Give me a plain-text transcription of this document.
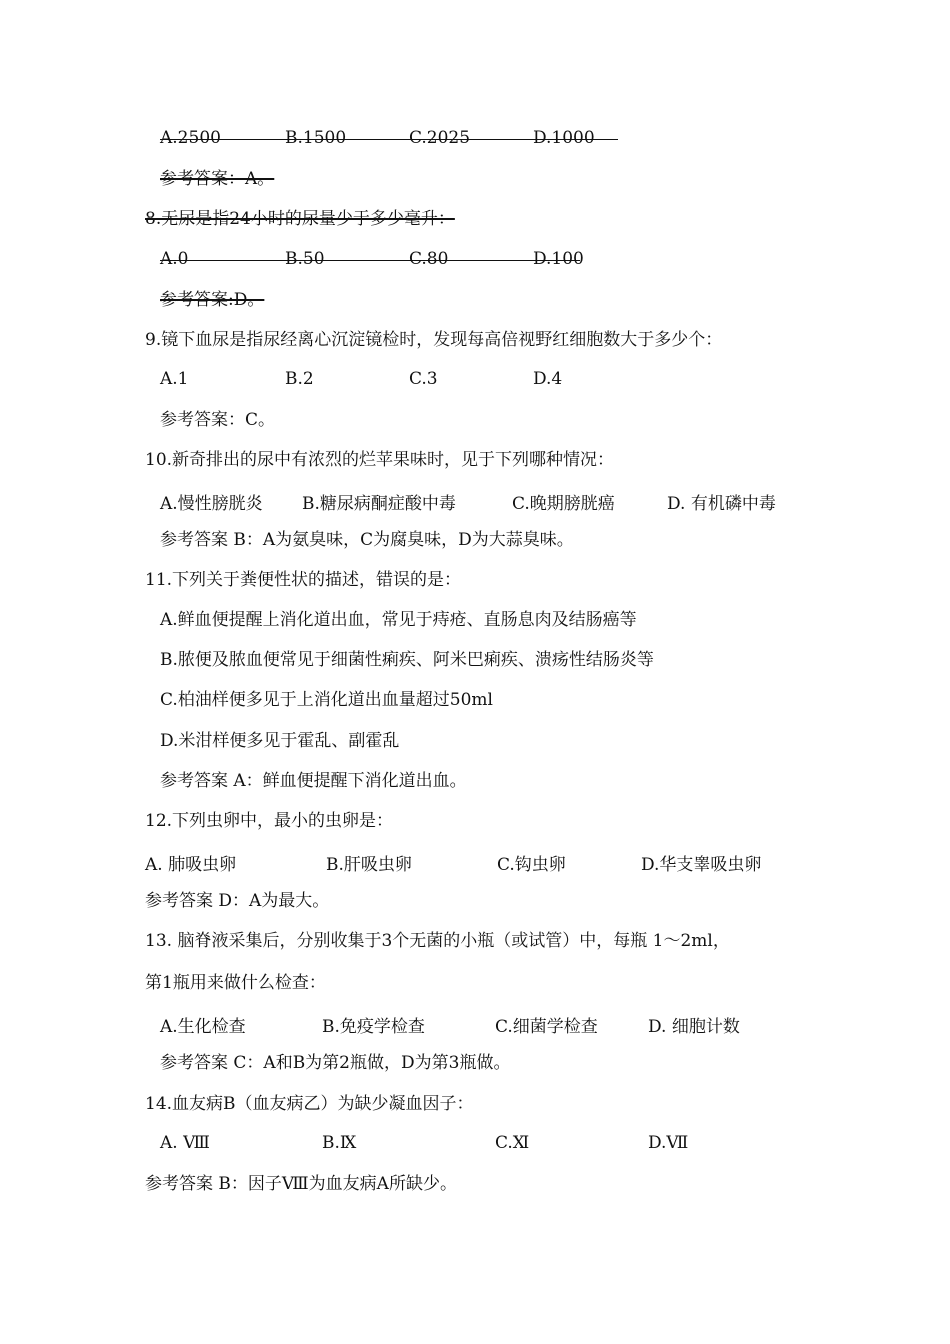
A.2500	B.1500	C.2025	D.1000
参考答案：A。
8.无尿是指24小时的尿量少于多少毫升：
A.0	B.50	C.80	D.100
参考答案:D。
9.镜下血尿是指尿经离心沉淀镜检时，发现每高倍视野红细胞数大于多少个：
A.1	B.2	C.3	D.4
参考答案：C。
10.新奇排出的尿中有浓烈的烂苹果味时，见于下列哪种情况：
A.慢性膀胱炎 B.糖尿病酮症酸中毒	C.晚期膀胱癌	D. 有机磷中毒
参考答案 B：A为氨臭味，C为腐臭味，D为大蒜臭味。
11.下列关于粪便性状的描述，错误的是：
A.鲜血便提醒上消化道出血，常见于痔疮、直肠息肉及结肠癌等
B.脓便及脓血便常见于细菌性痢疾、阿米巴痢疾、溃疡性结肠炎等
C.柏油样便多见于上消化道出血量超过50ml
D.米泔样便多见于霍乱、副霍乱
参考答案 A：鲜血便提醒下消化道出血。
12.下列虫卵中，最小的虫卵是：
A. 肺吸虫卵	B.肝吸虫卵	C.钩虫卵	D.华支睾吸虫卵
参考答案 D：A为最大。
13. 脑脊液采集后，分别收集于3个无菌的小瓶（或试管）中，每瓶 1～2ml，
第1瓶用来做什么检查：
A.生化检查	B.免疫学检查	C.细菌学检查	D. 细胞计数
参考答案 C：A和B为第2瓶做，D为第3瓶做。
14.血友病B（血友病乙）为缺少凝血因子：
A. Ⅷ	B.Ⅸ	C.Ⅺ	D.Ⅶ
参考答案 B：因子Ⅷ为血友病A所缺少。
